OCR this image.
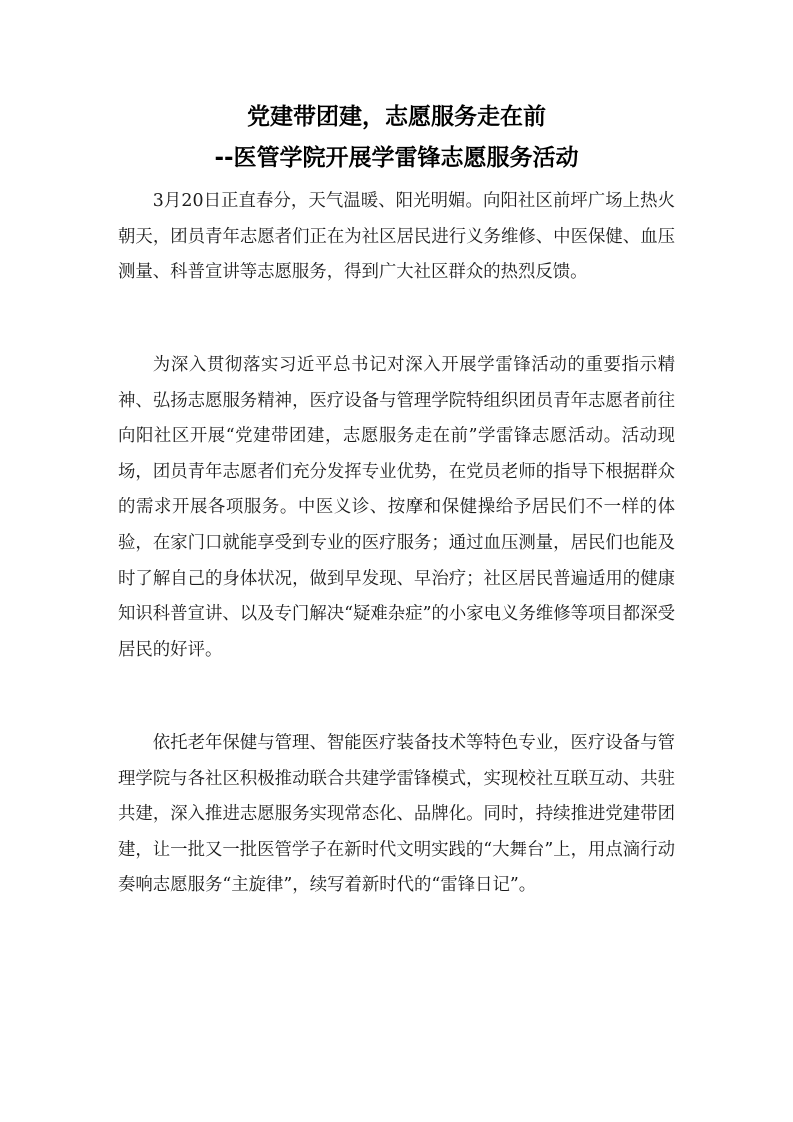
党建带团建，志愿服务走在前
--医管学院开展学雷锋志愿服务活动

3月20日正直春分，天气温暖、阳光明媚。向阳社区前坪广场上热火朝天，团员青年志愿者们正在为社区居民进行义务维修、中医保健、血压测量、科普宣讲等志愿服务，得到广大社区群众的热烈反馈。

为深入贯彻落实习近平总书记对深入开展学雷锋活动的重要指示精神、弘扬志愿服务精神，医疗设备与管理学院特组织团员青年志愿者前往向阳社区开展“党建带团建，志愿服务走在前”学雷锋志愿活动。活动现场，团员青年志愿者们充分发挥专业优势，在党员老师的指导下根据群众的需求开展各项服务。中医义诊、按摩和保健操给予居民们不一样的体验，在家门口就能享受到专业的医疗服务；通过血压测量，居民们也能及时了解自己的身体状况，做到早发现、早治疗；社区居民普遍适用的健康知识科普宣讲、以及专门解决“疑难杂症”的小家电义务维修等项目都深受居民的好评。

依托老年保健与管理、智能医疗装备技术等特色专业，医疗设备与管理学院与各社区积极推动联合共建学雷锋模式，实现校社互联互动、共驻共建，深入推进志愿服务实现常态化、品牌化。同时，持续推进党建带团建，让一批又一批医管学子在新时代文明实践的“大舞台”上，用点滴行动奏响志愿服务“主旋律”，续写着新时代的“雷锋日记”。
